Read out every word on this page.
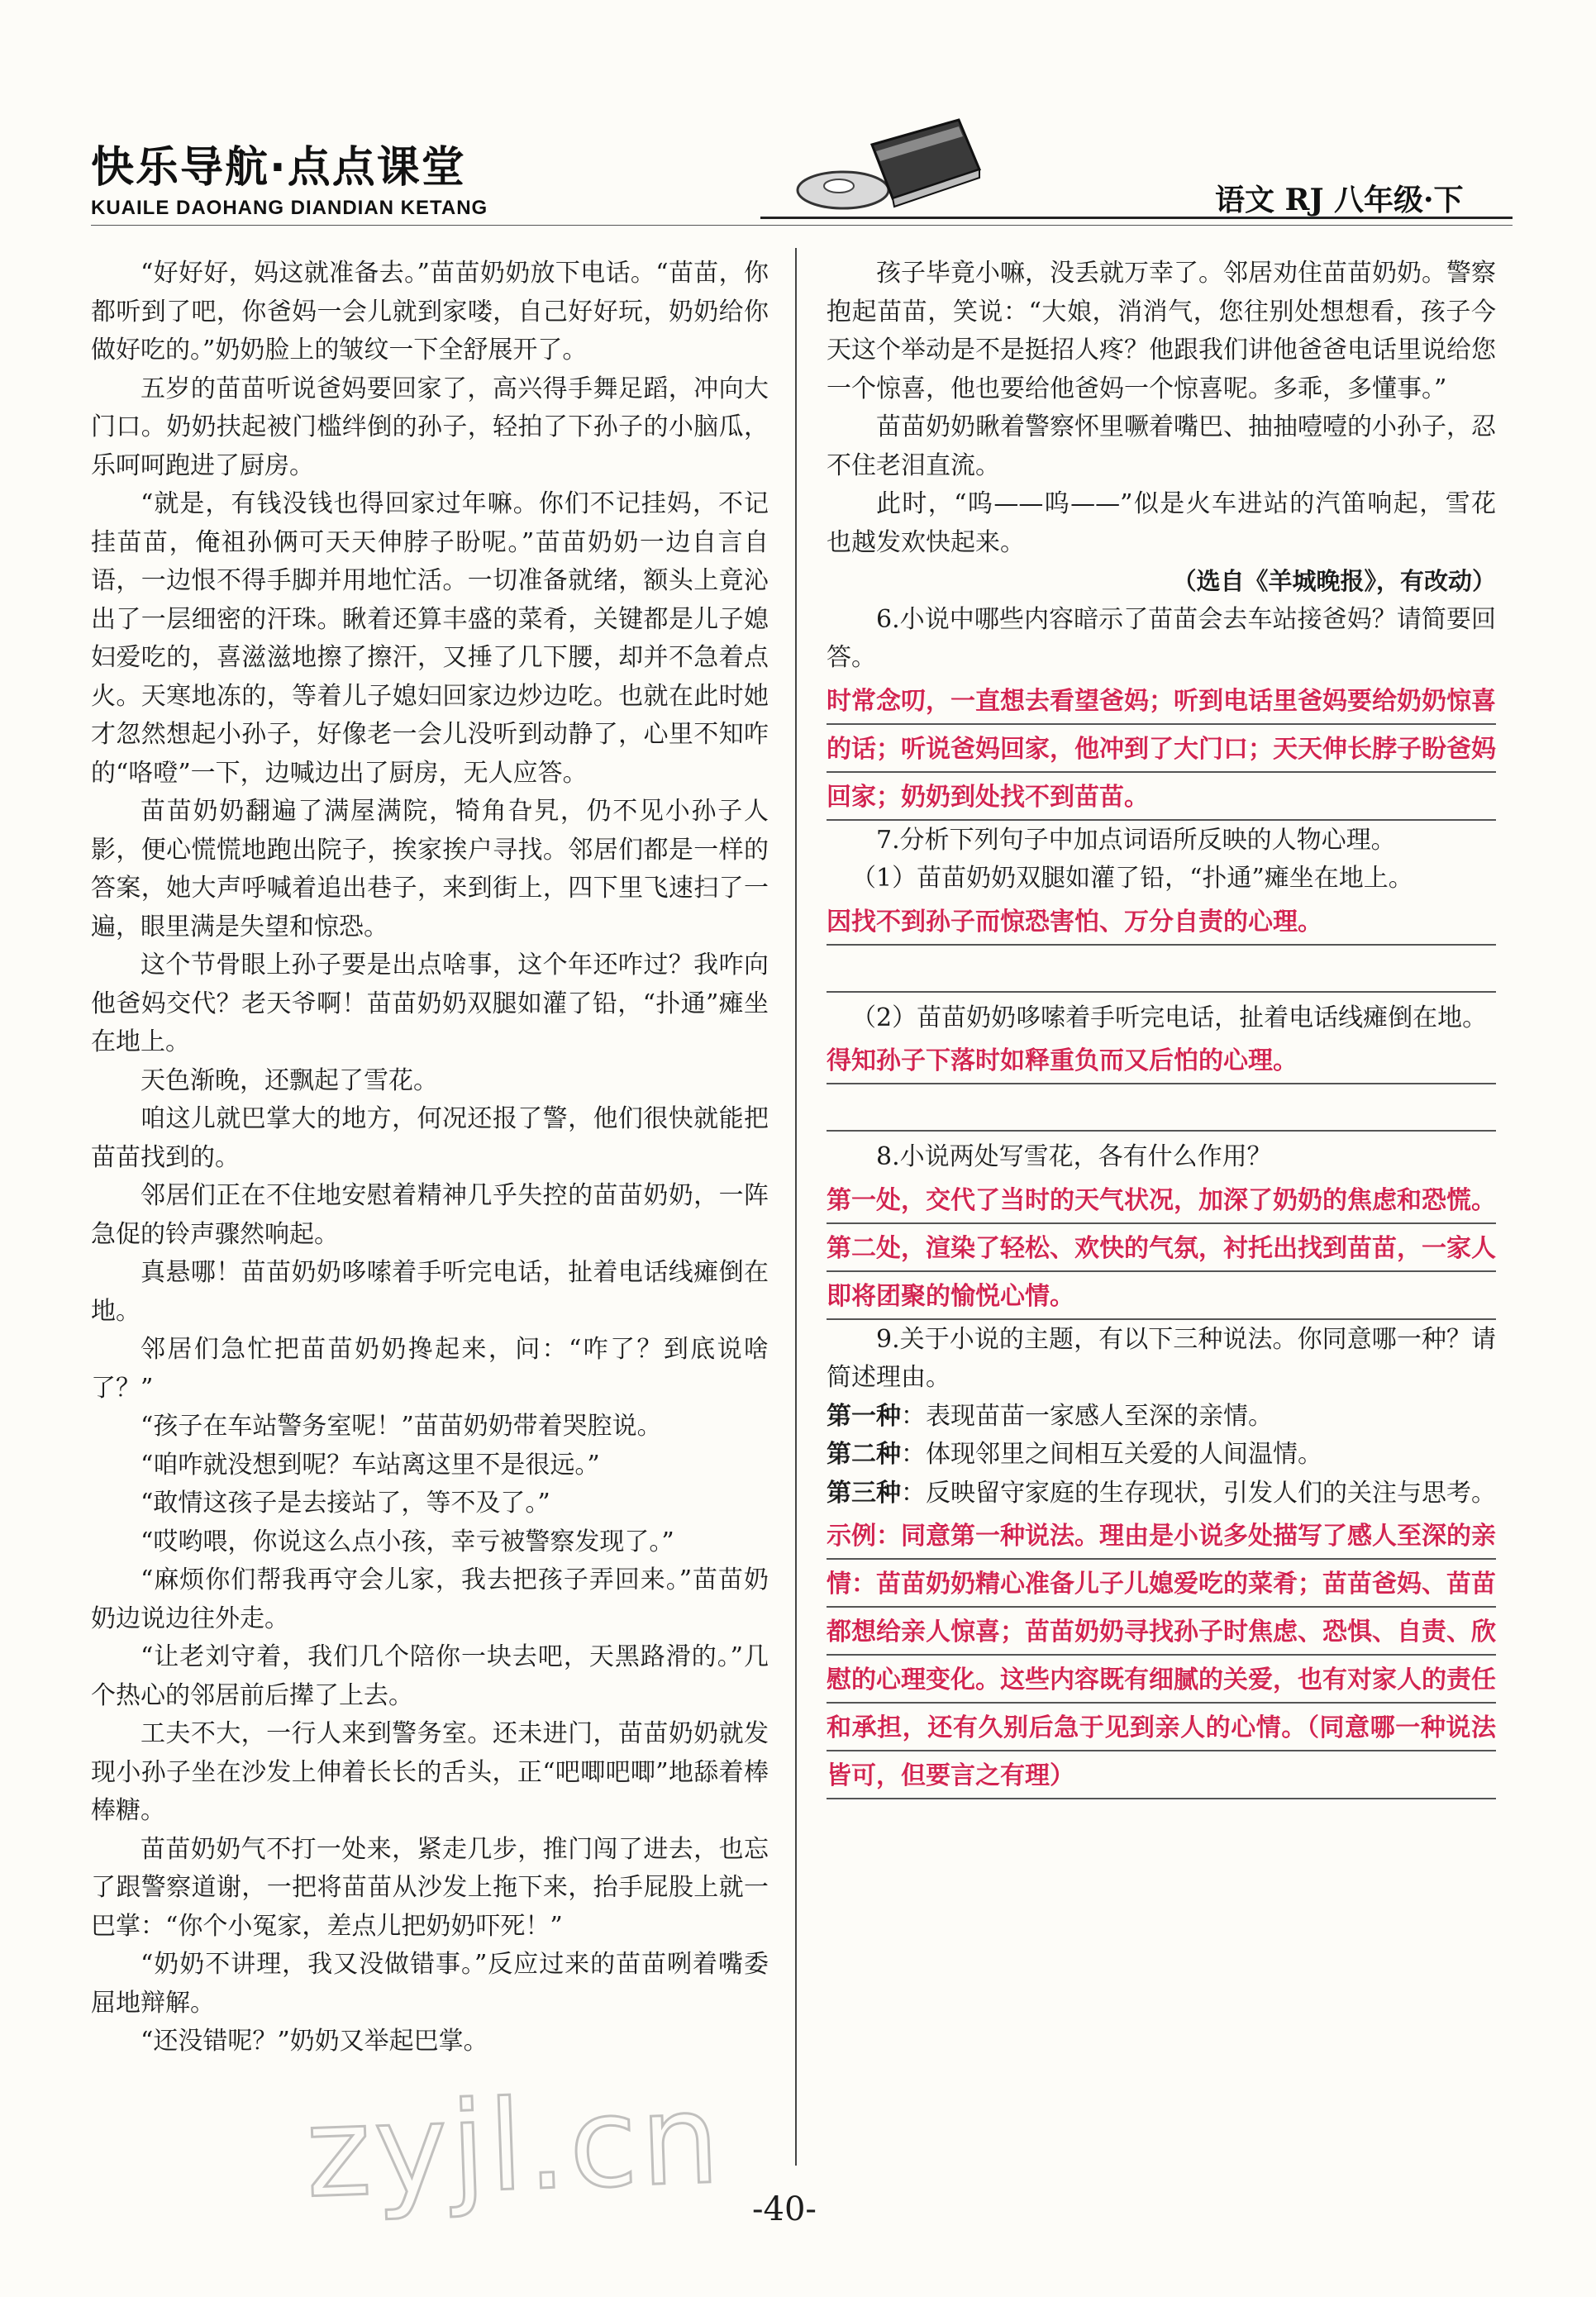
快乐导航·点点课堂
KUAILE DAOHANG DIANDIAN KETANG	语文 RJ 八年级·下

“好好好，妈这就准备去。”苗苗奶奶放下电话。“苗苗，你都听到了吧，你爸妈一会儿就到家喽，自己好好玩，奶奶给你做好吃的。”奶奶脸上的皱纹一下全舒展开了。

五岁的苗苗听说爸妈要回家了，高兴得手舞足蹈，冲向大门口。奶奶扶起被门槛绊倒的孙子，轻拍了下孙子的小脑瓜，乐呵呵跑进了厨房。

“就是，有钱没钱也得回家过年嘛。你们不记挂妈，不记挂苗苗，俺祖孙俩可天天伸脖子盼呢。”苗苗奶奶一边自言自语，一边恨不得手脚并用地忙活。一切准备就绪，额头上竟沁出了一层细密的汗珠。瞅着还算丰盛的菜肴，关键都是儿子媳妇爱吃的，喜滋滋地擦了擦汗，又捶了几下腰，却并不急着点火。天寒地冻的，等着儿子媳妇回家边炒边吃。也就在此时她才忽然想起小孙子，好像老一会儿没听到动静了，心里不知咋的“咯噔”一下，边喊边出了厨房，无人应答。

苗苗奶奶翻遍了满屋满院，犄角旮旯，仍不见小孙子人影，便心慌慌地跑出院子，挨家挨户寻找。邻居们都是一样的答案，她大声呼喊着追出巷子，来到街上，四下里飞速扫了一遍，眼里满是失望和惊恐。

这个节骨眼上孙子要是出点啥事，这个年还咋过？我咋向他爸妈交代？老天爷啊！苗苗奶奶双腿如灌了铅，“扑通”瘫坐在地上。

天色渐晚，还飘起了雪花。

咱这儿就巴掌大的地方，何况还报了警，他们很快就能把苗苗找到的。

邻居们正在不住地安慰着精神几乎失控的苗苗奶奶，一阵急促的铃声骤然响起。

真悬哪！苗苗奶奶哆嗦着手听完电话，扯着电话线瘫倒在地。

邻居们急忙把苗苗奶奶搀起来，问：“咋了？到底说啥了？”

“孩子在车站警务室呢！”苗苗奶奶带着哭腔说。

“咱咋就没想到呢？车站离这里不是很远。”

“敢情这孩子是去接站了，等不及了。”

“哎哟喂，你说这么点小孩，幸亏被警察发现了。”

“麻烦你们帮我再守会儿家，我去把孩子弄回来。”苗苗奶奶边说边往外走。

“让老刘守着，我们几个陪你一块去吧，天黑路滑的。”几个热心的邻居前后撵了上去。

工夫不大，一行人来到警务室。还未进门，苗苗奶奶就发现小孙子坐在沙发上伸着长长的舌头，正“吧唧吧唧”地舔着棒棒糖。

苗苗奶奶气不打一处来，紧走几步，推门闯了进去，也忘了跟警察道谢，一把将苗苗从沙发上拖下来，抬手屁股上就一巴掌：“你个小冤家，差点儿把奶奶吓死！”

“奶奶不讲理，我又没做错事。”反应过来的苗苗咧着嘴委屈地辩解。

“还没错呢？”奶奶又举起巴掌。

孩子毕竟小嘛，没丢就万幸了。邻居劝住苗苗奶奶。警察抱起苗苗，笑说：“大娘，消消气，您往别处想想看，孩子今天这个举动是不是挺招人疼？他跟我们讲他爸爸电话里说给您一个惊喜，他也要给他爸妈一个惊喜呢。多乖，多懂事。”

苗苗奶奶瞅着警察怀里噘着嘴巴、抽抽噎噎的小孙子，忍不住老泪直流。

此时，“呜——呜——”似是火车进站的汽笛响起，雪花也越发欢快起来。

（选自《羊城晚报》，有改动）

6.小说中哪些内容暗示了苗苗会去车站接爸妈？请简要回答。

时常念叨，一直想去看望爸妈；听到电话里爸妈要给奶奶惊喜的话；听说爸妈回家，他冲到了大门口；天天伸长脖子盼爸妈回家；奶奶到处找不到苗苗。

7.分析下列句子中加点词语所反映的人物心理。

（1）苗苗奶奶双腿如灌了铅，“扑通”瘫坐在地上。

因找不到孙子而惊恐害怕、万分自责的心理。

（2）苗苗奶奶哆嗦着手听完电话，扯着电话线瘫倒在地。

得知孙子下落时如释重负而又后怕的心理。

8.小说两处写雪花，各有什么作用？

第一处，交代了当时的天气状况，加深了奶奶的焦虑和恐慌。第二处，渲染了轻松、欢快的气氛，衬托出找到苗苗，一家人即将团聚的愉悦心情。

9.关于小说的主题，有以下三种说法。你同意哪一种？请简述理由。

第一种：表现苗苗一家感人至深的亲情。

第二种：体现邻里之间相互关爱的人间温情。

第三种：反映留守家庭的生存现状，引发人们的关注与思考。

示例：同意第一种说法。理由是小说多处描写了感人至深的亲情：苗苗奶奶精心准备儿子儿媳爱吃的菜肴；苗苗爸妈、苗苗都想给亲人惊喜；苗苗奶奶寻找孙子时焦虑、恐惧、自责、欣慰的心理变化。这些内容既有细腻的关爱，也有对家人的责任和承担，还有久别后急于见到亲人的心情。（同意哪一种说法皆可，但要言之有理）

zyjl.cn -40-
